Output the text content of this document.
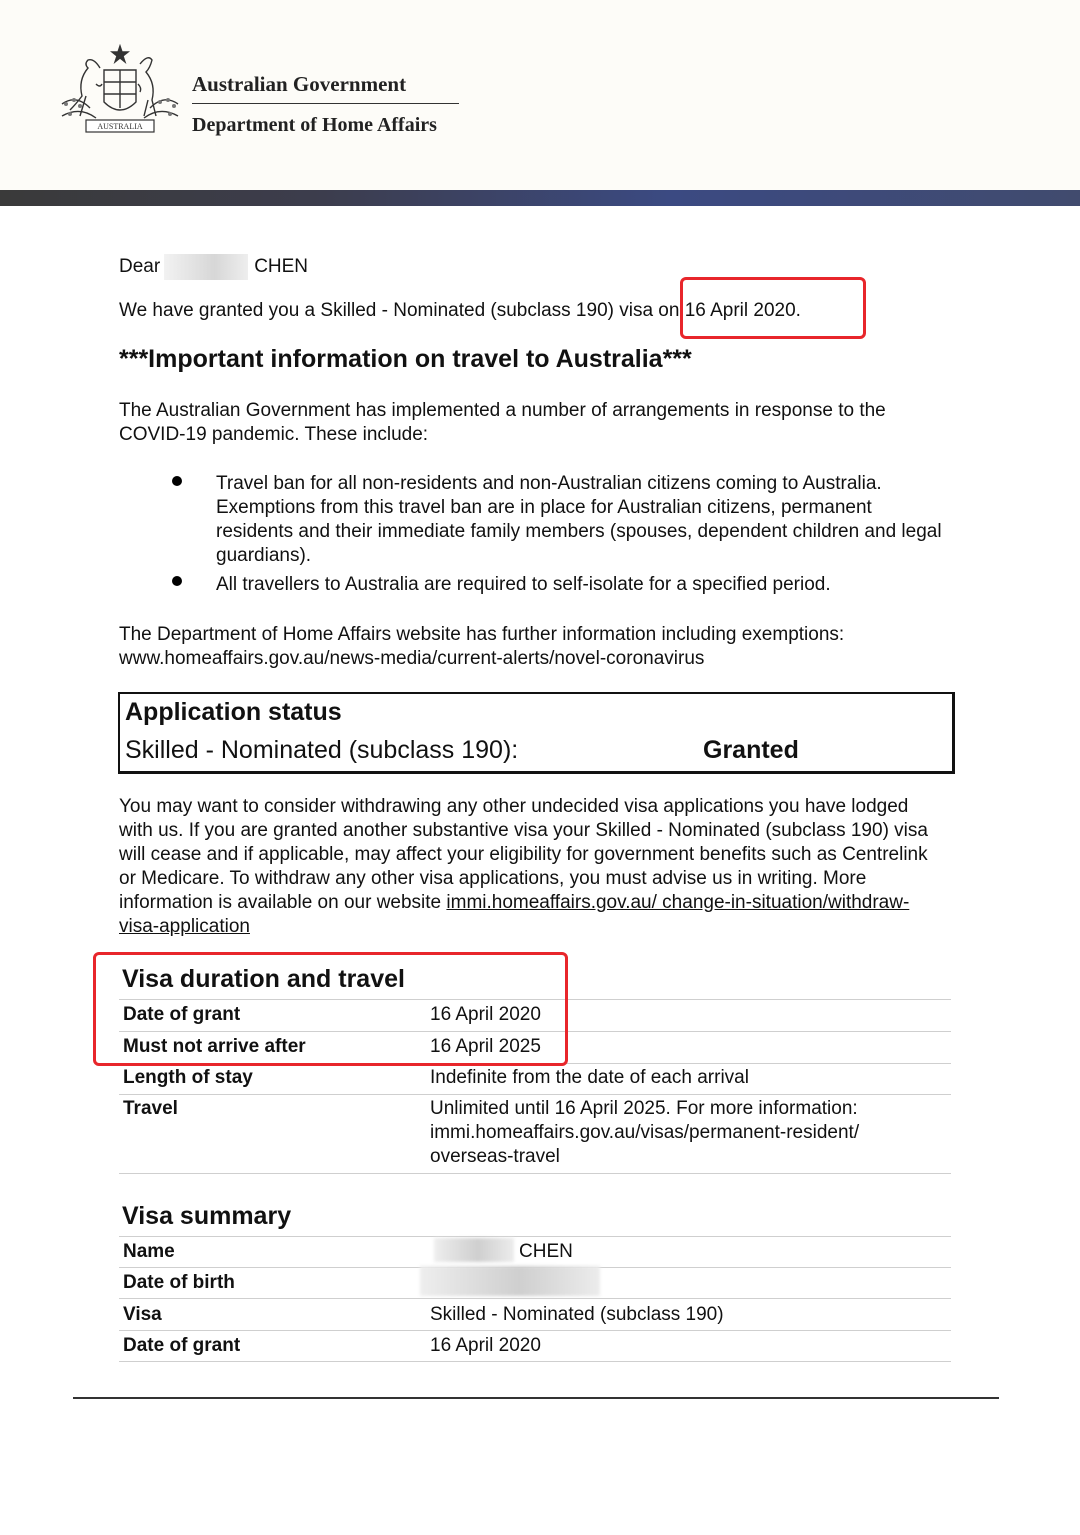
AUSTRALIA
Australian Government
Department of Home Affairs
Dear	CHEN
We have granted you a Skilled - Nominated (subclass 190) visa on 16 April 2020.
***Important information on travel to Australia***
The Australian Government has implemented a number of arrangements in response to the COVID-19 pandemic. These include:
Travel ban for all non-residents and non-Australian citizens coming to Australia. Exemptions from this travel ban are in place for Australian citizens, permanent residents and their immediate family members (spouses, dependent children and legal guardians).
All travellers to Australia are required to self-isolate for a specified period.
The Department of Home Affairs website has further information including exemptions:
www.homeaffairs.gov.au/news-media/current-alerts/novel-coronavirus
Application status
Skilled - Nominated (subclass 190):	Granted
You may want to consider withdrawing any other undecided visa applications you have lodged with us. If you are granted another substantive visa your Skilled - Nominated (subclass 190) visa will cease and if applicable, may affect your eligibility for government benefits such as Centrelink or Medicare. To withdraw any other visa applications, you must advise us in writing. More information is available on our website immi.homeaffairs.gov.au/ change-in-situation/withdraw-visa-application
Visa duration and travel
Date of grant	16 April 2020
Must not arrive after	16 April 2025
Length of stay	Indefinite from the date of each arrival
Travel	Unlimited until 16 April 2025. For more information: immi.homeaffairs.gov.au/visas/permanent-resident/ overseas-travel
Visa summary
Name	CHEN
Date of birth
Visa	Skilled - Nominated (subclass 190)
Date of grant	16 April 2020
